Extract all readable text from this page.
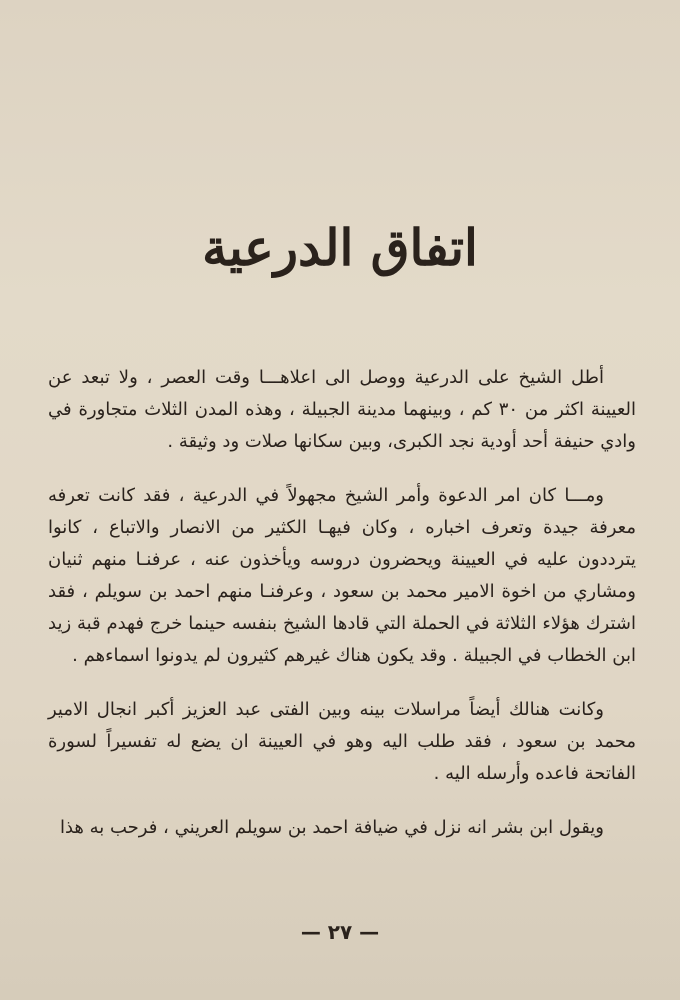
اتفاق الدرعية

أطل الشيخ على الدرعية ووصل الى اعلاهـــا وقت العصر ، ولا تبعد عن العيينة اكثر من ٣٠ كم ، وبينهما مدينة الجبيلة ، وهذه المدن الثلاث متجاورة في وادي حنيفة أحد أودية نجد الكبرى، وبين سكانها صلات ود وثيقة .

ومـــا كان امر الدعوة وأمر الشيخ مجهولاً في الدرعية ، فقد كانت تعرفه معرفة جيدة وتعرف اخباره ، وكان فيهـا الكثير من الانصار والاتباع ، كانوا يترددون عليه في العيينة ويحضرون دروسه ويأخذون عنه ، عرفنـا منهم ثنيان ومشاري من اخوة الامير محمد بن سعود ، وعرفنـا منهم احمد بن سويلم ، فقد اشترك هؤلاء الثلاثة في الحملة التي قادها الشيخ بنفسه حينما خرج فهدم قبة زيد ابن الخطاب في الجبيلة . وقد يكون هناك غيرهم كثيرون لم يدونوا اسماءهم .

وكانت هنالك أيضاً مراسلات بينه وبين الفتى عبد العزيز أكبر انجال الامير محمد بن سعود ، فقد طلب اليه وهو في العيينة ان يضع له تفسيراً لسورة الفاتحة فاعده وأرسله اليه .

ويقول ابن بشر انه نزل في ضيافة احمد بن سويلم العريني ، فرحب به هذا

— ٢٧ —
